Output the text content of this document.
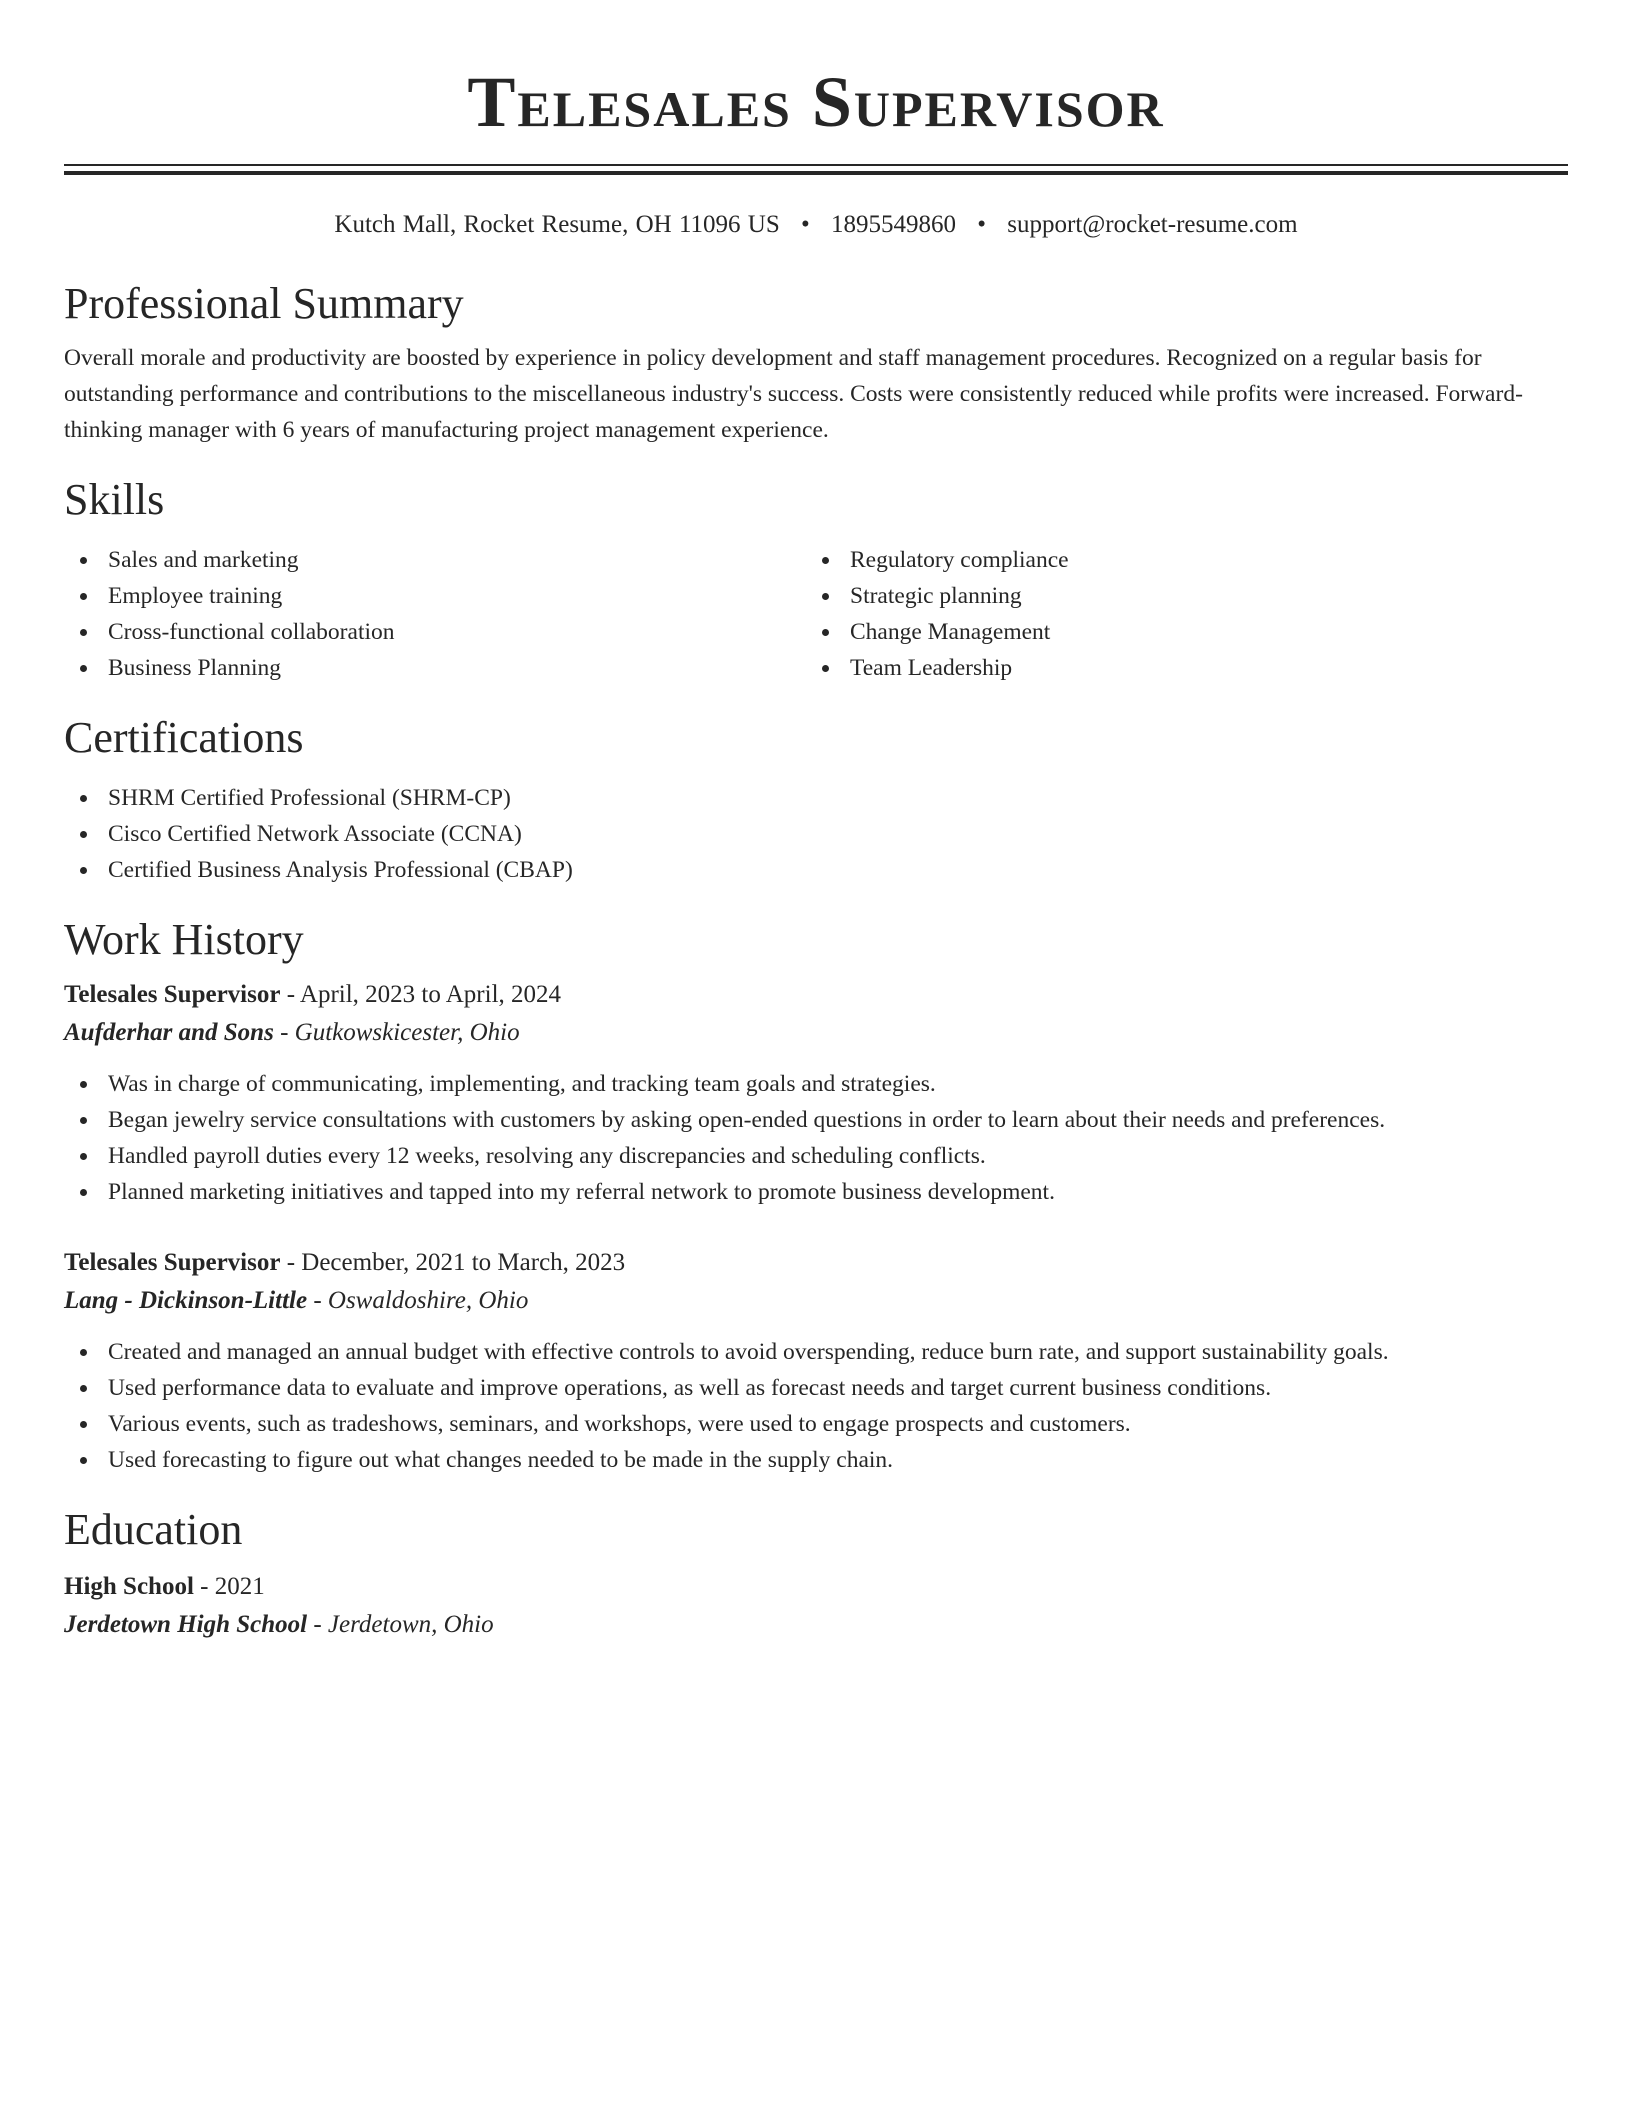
Telesales Supervisor
Kutch Mall, Rocket Resume, OH 11096 US • 1895549860 • support@rocket-resume.com
Professional Summary

Overall morale and productivity are boosted by experience in policy development and staff management procedures. Recognized on a regular basis for outstanding performance and contributions to the miscellaneous industry's success. Costs were consistently reduced while profits were increased. Forward-thinking manager with 6 years of manufacturing project management experience.

Skills
Sales and marketing
Employee training
Cross-functional collaboration
Business Planning
Regulatory compliance
Strategic planning
Change Management
Team Leadership
Certifications
SHRM Certified Professional (SHRM-CP)
Cisco Certified Network Associate (CCNA)
Certified Business Analysis Professional (CBAP)
Work History
Telesales Supervisor - April, 2023 to April, 2024
Aufderhar and Sons - Gutkowskicester, Ohio
Was in charge of communicating, implementing, and tracking team goals and strategies.
Began jewelry service consultations with customers by asking open-ended questions in order to learn about their needs and preferences.
Handled payroll duties every 12 weeks, resolving any discrepancies and scheduling conflicts.
Planned marketing initiatives and tapped into my referral network to promote business development.
Telesales Supervisor - December, 2021 to March, 2023
Lang - Dickinson-Little - Oswaldoshire, Ohio
Created and managed an annual budget with effective controls to avoid overspending, reduce burn rate, and support sustainability goals.
Used performance data to evaluate and improve operations, as well as forecast needs and target current business conditions.
Various events, such as tradeshows, seminars, and workshops, were used to engage prospects and customers.
Used forecasting to figure out what changes needed to be made in the supply chain.
Education
High School - 2021
Jerdetown High School - Jerdetown, Ohio
